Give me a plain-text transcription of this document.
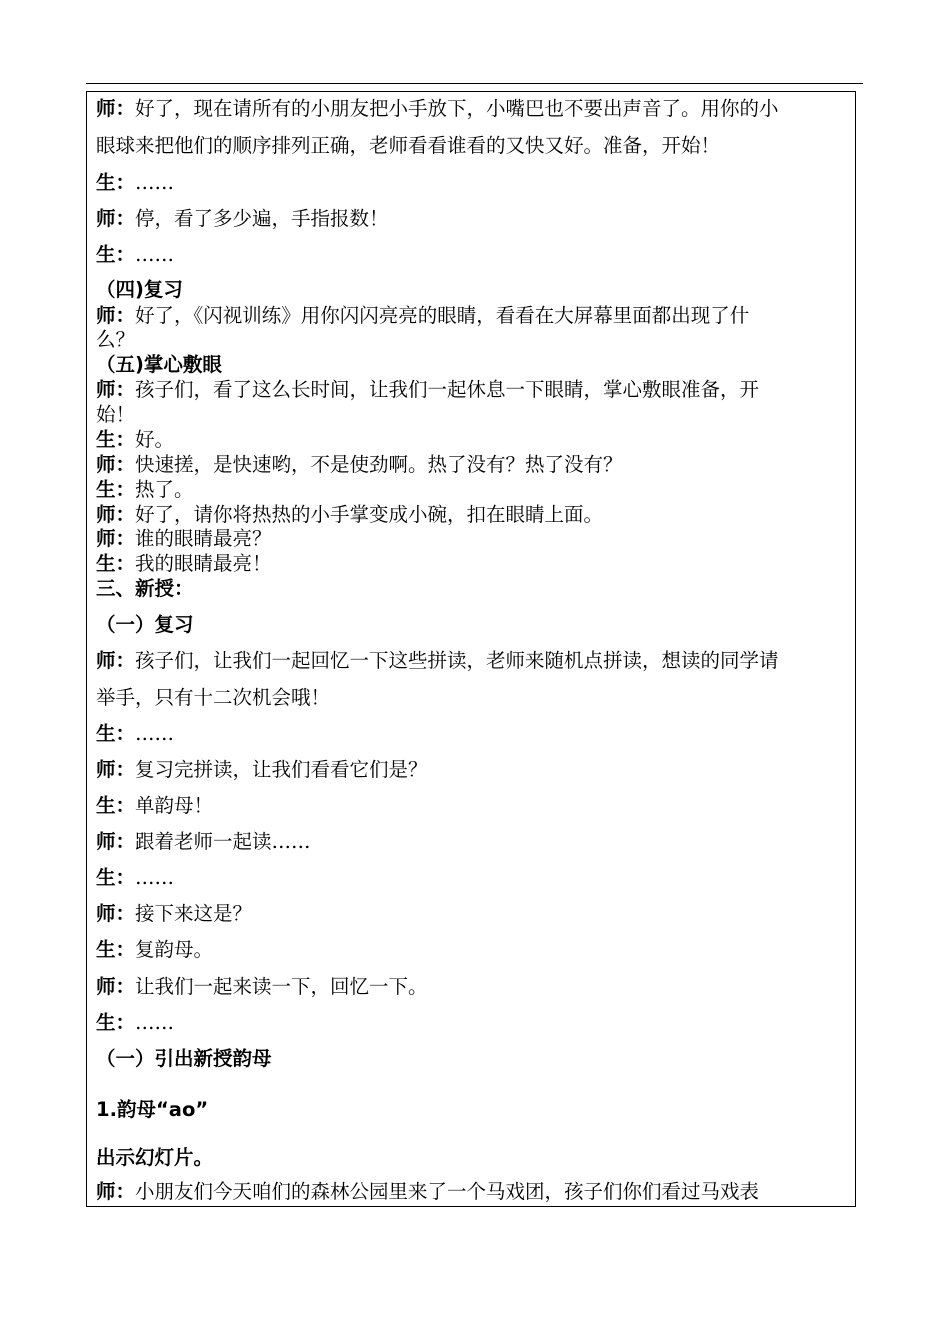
师：好了，现在请所有的小朋友把小手放下，小嘴巴也不要出声音了。用你的小

眼球来把他们的顺序排列正确，老师看看谁看的又快又好。准备，开始！

生：……

师：停，看了多少遍，手指报数！

生：……

（四)复习

师：好了，《闪视训练》用你闪闪亮亮的眼睛，看看在大屏幕里面都出现了什

么？

（五)掌心敷眼

师：孩子们，看了这么长时间，让我们一起休息一下眼睛，掌心敷眼准备，开

始！

生：好。

师：快速搓，是快速哟，不是使劲啊。热了没有？热了没有？

生：热了。

师：好了，请你将热热的小手掌变成小碗，扣在眼睛上面。

师：谁的眼睛最亮？

生：我的眼睛最亮！

三、新授：

（一）复习

师：孩子们，让我们一起回忆一下这些拼读，老师来随机点拼读，想读的同学请

举手，只有十二次机会哦！

生：……

师：复习完拼读，让我们看看它们是？

生：单韵母！

师：跟着老师一起读……

生：……

师：接下来这是？

生：复韵母。

师：让我们一起来读一下，回忆一下。

生：……

（一）引出新授韵母

1.韵母“ao”

出示幻灯片。

师：小朋友们今天咱们的森林公园里来了一个马戏团，孩子们你们看过马戏表
